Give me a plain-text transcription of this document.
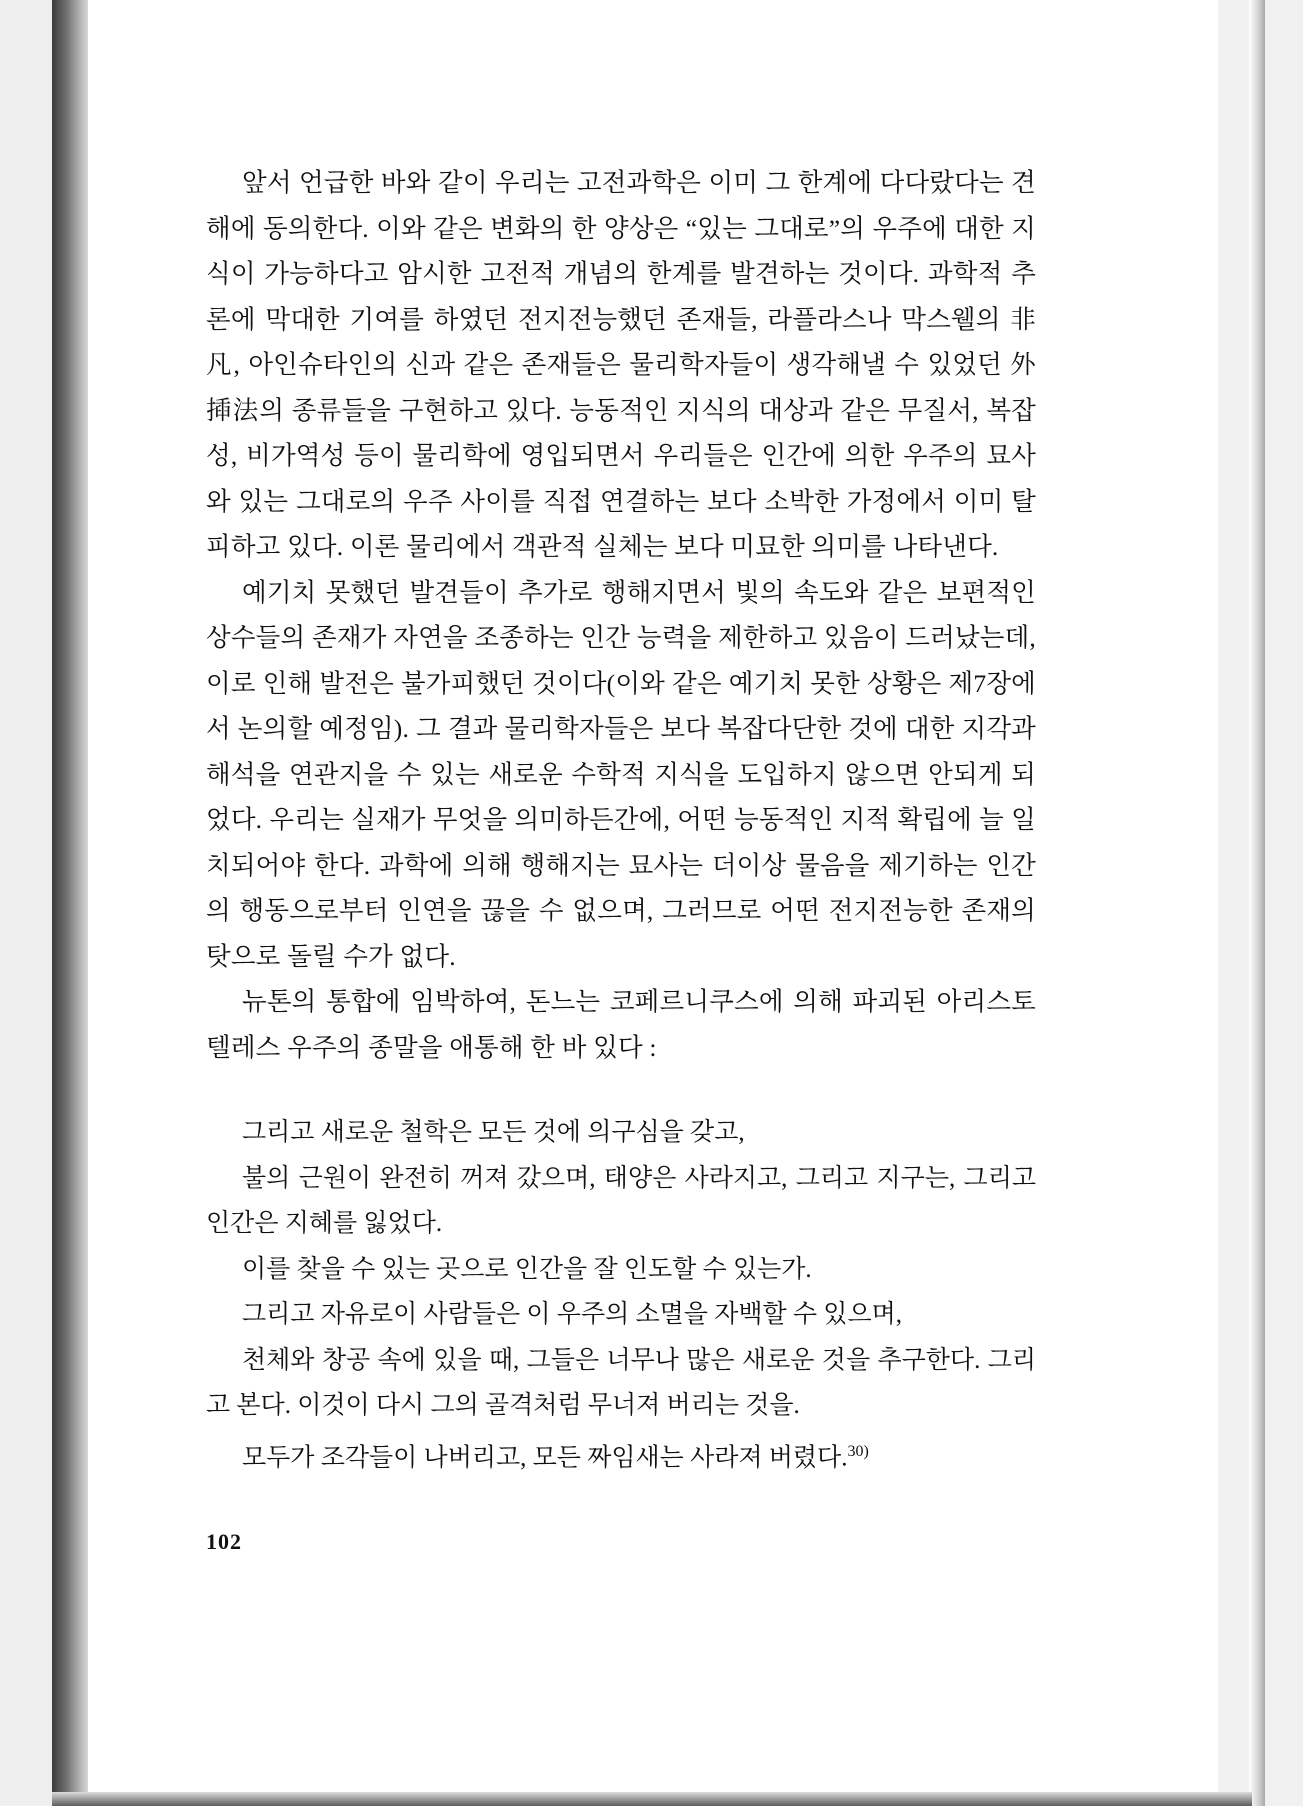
앞서 언급한 바와 같이 우리는 고전과학은 이미 그 한계에 다다랐다는 견해에 동의한다. 이와 같은 변화의 한 양상은 “있는 그대로”의 우주에 대한 지식이 가능하다고 암시한 고전적 개념의 한계를 발견하는 것이다. 과학적 추론에 막대한 기여를 하였던 전지전능했던 존재들, 라플라스나 막스웰의 非凡, 아인슈타인의 신과 같은 존재들은 물리학자들이 생각해낼 수 있었던 外揷法의 종류들을 구현하고 있다. 능동적인 지식의 대상과 같은 무질서, 복잡성, 비가역성 등이 물리학에 영입되면서 우리들은 인간에 의한 우주의 묘사와 있는 그대로의 우주 사이를 직접 연결하는 보다 소박한 가정에서 이미 탈피하고 있다. 이론 물리에서 객관적 실체는 보다 미묘한 의미를 나타낸다.

예기치 못했던 발견들이 추가로 행해지면서 빛의 속도와 같은 보편적인 상수들의 존재가 자연을 조종하는 인간 능력을 제한하고 있음이 드러났는데, 이로 인해 발전은 불가피했던 것이다(이와 같은 예기치 못한 상황은 제7장에서 논의할 예정임). 그 결과 물리학자들은 보다 복잡다단한 것에 대한 지각과 해석을 연관지을 수 있는 새로운 수학적 지식을 도입하지 않으면 안되게 되었다. 우리는 실재가 무엇을 의미하든간에, 어떤 능동적인 지적 확립에 늘 일치되어야 한다. 과학에 의해 행해지는 묘사는 더이상 물음을 제기하는 인간의 행동으로부터 인연을 끊을 수 없으며, 그러므로 어떤 전지전능한 존재의 탓으로 돌릴 수가 없다.

뉴톤의 통합에 임박하여, 돈느는 코페르니쿠스에 의해 파괴된 아리스토텔레스 우주의 종말을 애통해 한 바 있다 :

그리고 새로운 철학은 모든 것에 의구심을 갖고,

불의 근원이 완전히 꺼져 갔으며, 태양은 사라지고, 그리고 지구는, 그리고 인간은 지혜를 잃었다.

이를 찾을 수 있는 곳으로 인간을 잘 인도할 수 있는가.

그리고 자유로이 사람들은 이 우주의 소멸을 자백할 수 있으며,

천체와 창공 속에 있을 때, 그들은 너무나 많은 새로운 것을 추구한다. 그리고 본다. 이것이 다시 그의 골격처럼 무너져 버리는 것을.

모두가 조각들이 나버리고, 모든 짜임새는 사라져 버렸다.$^{30)}$

102
